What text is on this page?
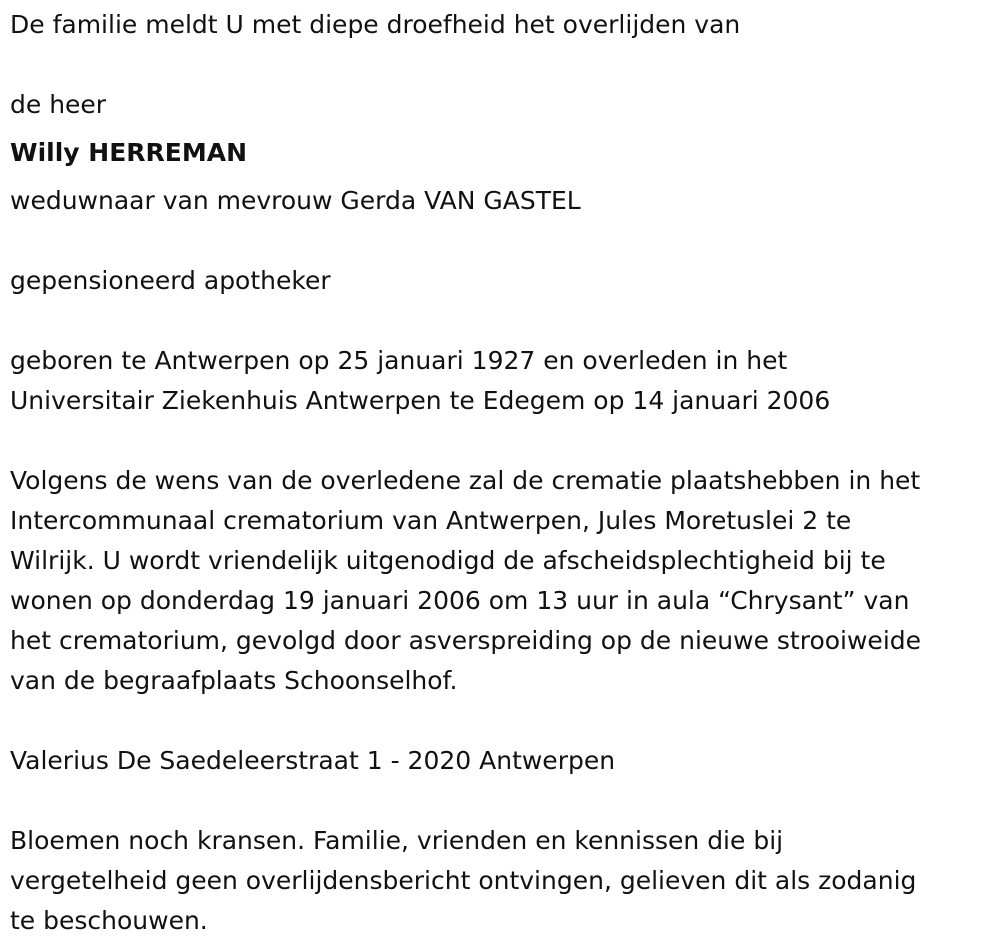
De familie meldt U met diepe droefheid het overlijden van
de heer
Willy HERREMAN
weduwnaar van mevrouw Gerda VAN GASTEL
gepensioneerd apotheker
geboren te Antwerpen op 25 januari 1927 en overleden in het
Universitair Ziekenhuis Antwerpen te Edegem op 14 januari 2006
Volgens de wens van de overledene zal de crematie plaatshebben in het
Intercommunaal crematorium van Antwerpen, Jules Moretuslei 2 te
Wilrijk. U wordt vriendelijk uitgenodigd de afscheidsplechtigheid bij te
wonen op donderdag 19 januari 2006 om 13 uur in aula “Chrysant” van
het crematorium, gevolgd door asverspreiding op de nieuwe strooiweide
van de begraafplaats Schoonselhof.
Valerius De Saedeleerstraat 1 - 2020 Antwerpen
Bloemen noch kransen. Familie, vrienden en kennissen die bij
vergetelheid geen overlijdensbericht ontvingen, gelieven dit als zodanig
te beschouwen.
